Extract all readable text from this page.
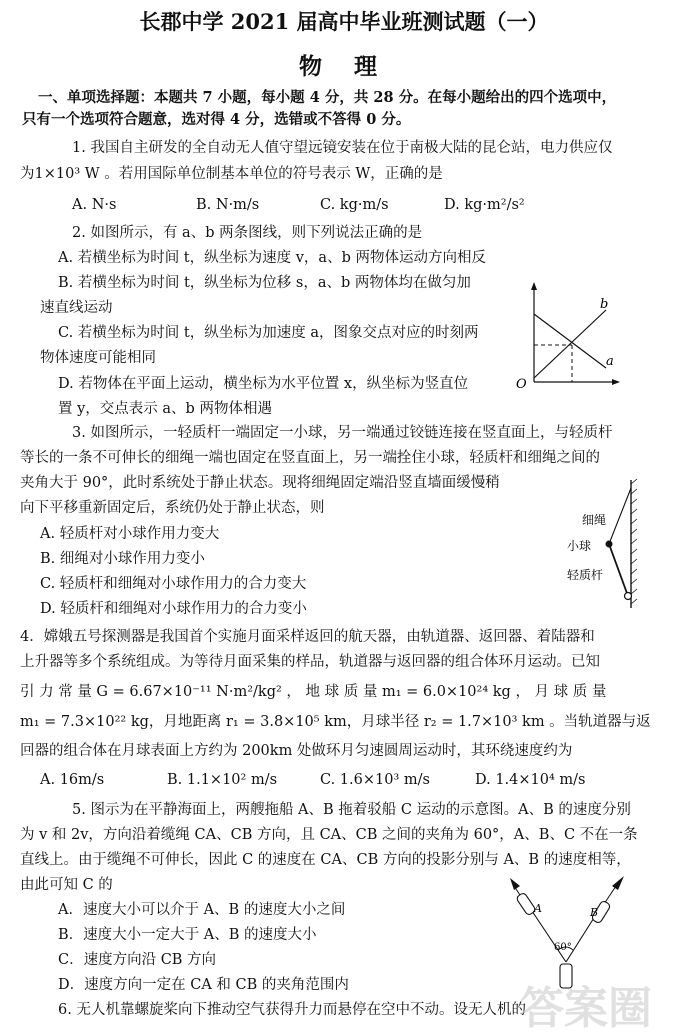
长郡中学 2021 届高中毕业班测试题（一）
物 理
一、单项选择题：本题共 7 小题，每小题 4 分，共 28 分。在每小题给出的四个选项中，
只有一个选项符合题意，选对得 4 分，选错或不答得 0 分。
1. 我国自主研发的全自动无人值守望远镜安装在位于南极大陆的昆仑站，电力供应仅
为1×10³ W 。若用国际单位制基本单位的符号表示 W，正确的是
A. N·s	B. N·m/s	C. kg·m/s	D. kg·m²/s²
2. 如图所示，有 a、b 两条图线，则下列说法正确的是
A. 若横坐标为时间 t，纵坐标为速度 v，a、b 两物体运动方向相反
B. 若横坐标为时间 t，纵坐标为位移 s，a、b 两物体均在做匀加
速直线运动
C. 若横坐标为时间 t，纵坐标为加速度 a，图象交点对应的时刻两
物体速度可能相同
D. 若物体在平面上运动，横坐标为水平位置 x，纵坐标为竖直位
置 y，交点表示 a、b 两物体相遇
O
b
a
3. 如图所示，一轻质杆一端固定一小球，另一端通过铰链连接在竖直面上，与轻质杆
等长的一条不可伸长的细绳一端也固定在竖直面上，另一端拴住小球，轻质杆和细绳之间的
夹角大于 90°，此时系统处于静止状态。现将细绳固定端沿竖直墙面缓慢稍
向下平移重新固定后，系统仍处于静止状态，则
A. 轻质杆对小球作用力变大
B. 细绳对小球作用力变小
C. 轻质杆和细绳对小球作用力的合力变大
D. 轻质杆和细绳对小球作用力的合力变小
细绳
小球
轻质杆
4．嫦娥五号探测器是我国首个实施月面采样返回的航天器，由轨道器、返回器、着陆器和
上升器等多个系统组成。为等待月面采集的样品，轨道器与返回器的组合体环月运动。已知
引 力 常 量 G = 6.67×10⁻¹¹ N·m²/kg² ， 地 球 质 量 m₁ = 6.0×10²⁴ kg ， 月 球 质 量
m₁ = 7.3×10²² kg，月地距离 r₁ = 3.8×10⁵ km，月球半径 r₂ = 1.7×10³ km 。当轨道器与返
回器的组合体在月球表面上方约为 200km 处做环月匀速圆周运动时，其环绕速度约为
A. 16m/s	B. 1.1×10² m/s	C. 1.6×10³ m/s	D. 1.4×10⁴ m/s
5. 图示为在平静海面上，两艘拖船 A、B 拖着驳船 C 运动的示意图。A、B 的速度分别
为 v 和 2v，方向沿着缆绳 CA、CB 方向，且 CA、CB 之间的夹角为 60°，A、B、C 不在一条
直线上。由于缆绳不可伸长，因此 C 的速度在 CA、CB 方向的投影分别与 A、B 的速度相等，
由此可知 C 的
A．速度大小可以介于 A、B 的速度大小之间
B．速度大小一定大于 A、B 的速度大小
C．速度方向沿 CB 方向
D．速度方向一定在 CA 和 CB 的夹角范围内
6. 无人机靠螺旋桨向下推动空气获得升力而悬停在空中不动。设无人机的
A	B
60°
答案圈
